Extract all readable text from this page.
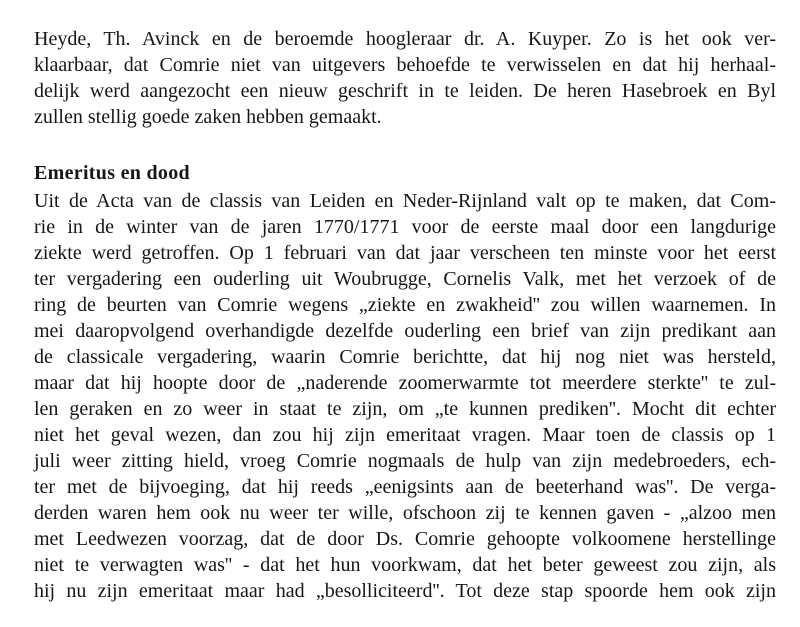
Heyde, Th. Avinck en de beroemde hoogleraar dr. A. Kuyper. Zo is het ook ver-
klaarbaar, dat Comrie niet van uitgevers behoefde te verwisselen en dat hij herhaal-
delijk werd aangezocht een nieuw geschrift in te leiden. De heren Hasebroek en Byl
zullen stellig goede zaken hebben gemaakt.
Emeritus en dood
Uit de Acta van de classis van Leiden en Neder-Rijnland valt op te maken, dat Com-
rie in de winter van de jaren 1770/1771 voor de eerste maal door een langdurige
ziekte werd getroffen. Op 1 februari van dat jaar verscheen ten minste voor het eerst
ter vergadering een ouderling uit Woubrugge, Cornelis Valk, met het verzoek of de
ring de beurten van Comrie wegens „ziekte en zwakheid'' zou willen waarnemen. In
mei daaropvolgend overhandigde dezelfde ouderling een brief van zijn predikant aan
de classicale vergadering, waarin Comrie berichtte, dat hij nog niet was hersteld,
maar dat hij hoopte door de „naderende zoomerwarmte tot meerdere sterkte'' te zul-
len geraken en zo weer in staat te zijn, om „te kunnen prediken''. Mocht dit echter
niet het geval wezen, dan zou hij zijn emeritaat vragen. Maar toen de classis op 1
juli weer zitting hield, vroeg Comrie nogmaals de hulp van zijn medebroeders, ech-
ter met de bijvoeging, dat hij reeds „eenigsints aan de beeterhand was''. De verga-
derden waren hem ook nu weer ter wille, ofschoon zij te kennen gaven - „alzoo men
met Leedwezen voorzag, dat de door Ds. Comrie gehoopte volkoomene herstellinge
niet te verwagten was'' - dat het hun voorkwam, dat het beter geweest zou zijn, als
hij nu zijn emeritaat maar had „besolliciteerd''. Tot deze stap spoorde hem ook zijn
